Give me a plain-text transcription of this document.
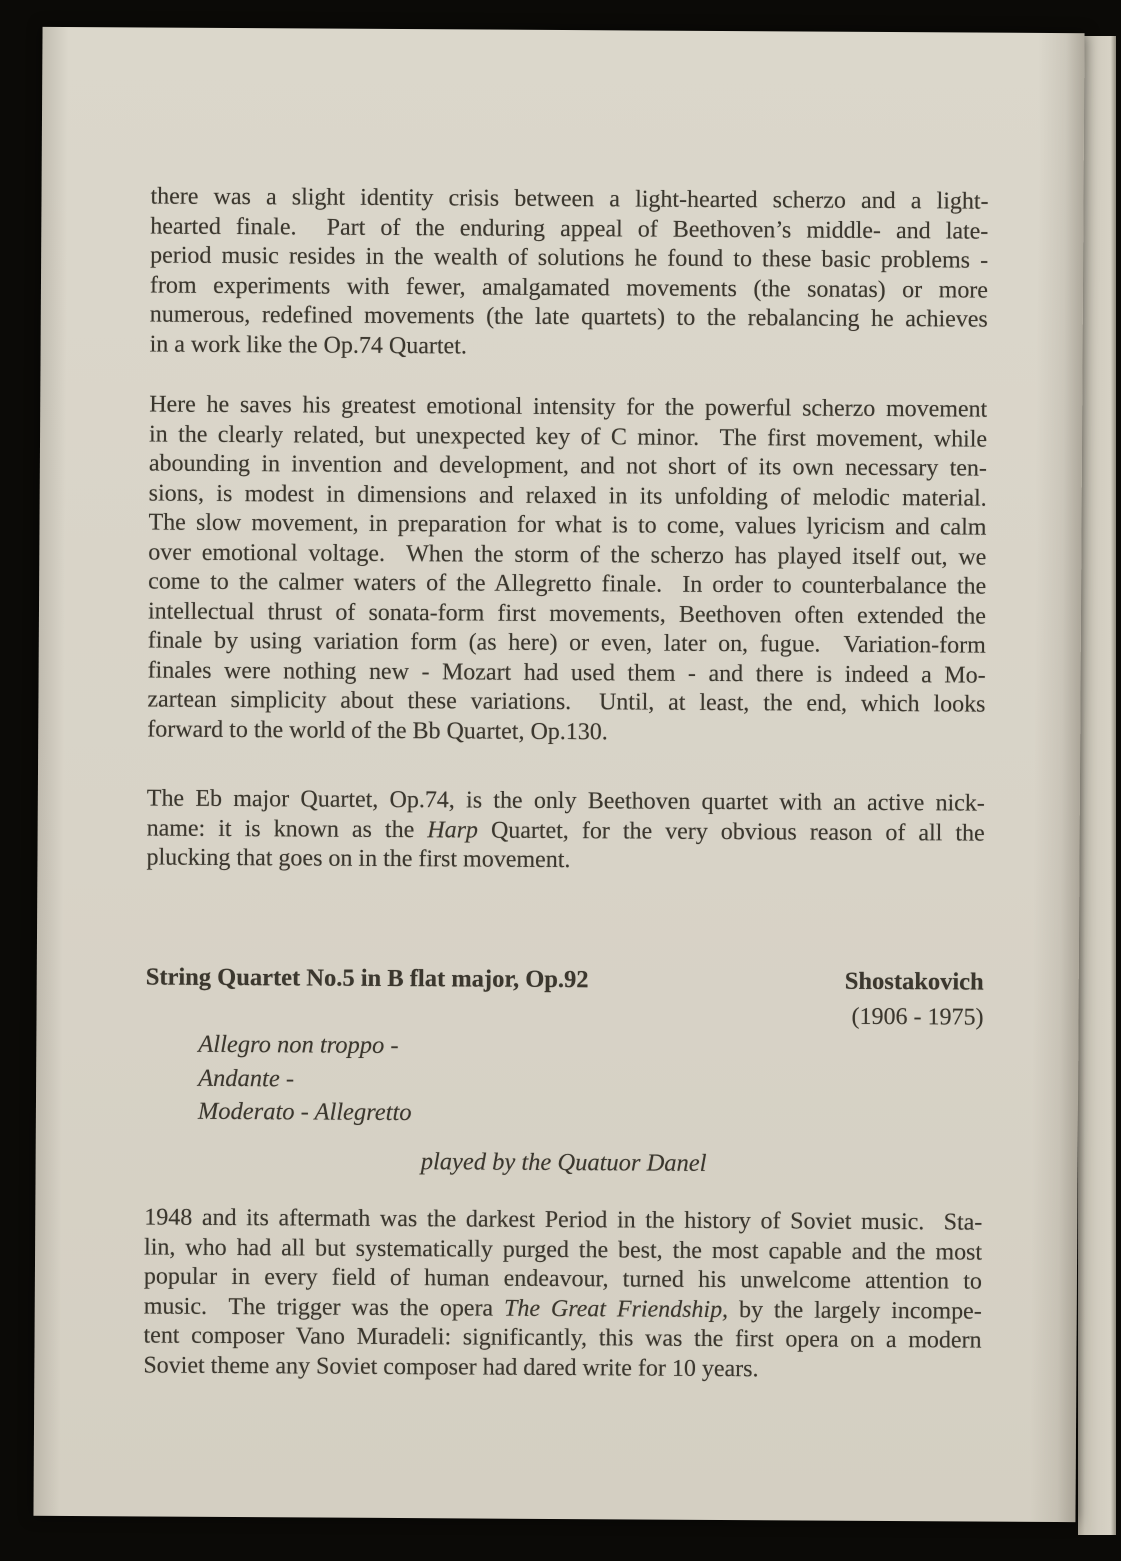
there was a slight identity crisis between a light-hearted scherzo and a light-
hearted finale.  Part of the enduring appeal of Beethoven’s middle- and late-
period music resides in the wealth of solutions he found to these basic problems -
from experiments with fewer, amalgamated movements (the sonatas) or more
numerous, redefined movements (the late quartets) to the rebalancing he achieves
in a work like the Op.74 Quartet.
Here he saves his greatest emotional intensity for the powerful scherzo movement
in the clearly related, but unexpected key of C minor.  The first movement, while
abounding in invention and development, and not short of its own necessary ten-
sions, is modest in dimensions and relaxed in its unfolding of melodic material.
The slow movement, in preparation for what is to come, values lyricism and calm
over emotional voltage.  When the storm of the scherzo has played itself out, we
come to the calmer waters of the Allegretto finale.  In order to counterbalance the
intellectual thrust of sonata-form first movements, Beethoven often extended the
finale by using variation form (as here) or even, later on, fugue.  Variation-form
finales were nothing new - Mozart had used them - and there is indeed a Mo-
zartean simplicity about these variations.  Until, at least, the end, which looks
forward to the world of the Bb Quartet, Op.130.
The Eb major Quartet, Op.74, is the only Beethoven quartet with an active nick-
name: it is known as the Harp Quartet, for the very obvious reason of all the
plucking that goes on in the first movement.
String Quartet No.5 in B flat major, Op.92	Shostakovich
(1906 - 1975)
Allegro non troppo -
Andante -
Moderato - Allegretto
played by the Quatuor Danel
1948 and its aftermath was the darkest Period in the history of Soviet music.  Sta-
lin, who had all but systematically purged the best, the most capable and the most
popular in every field of human endeavour, turned his unwelcome attention to
music.  The trigger was the opera The Great Friendship, by the largely incompe-
tent composer Vano Muradeli: significantly, this was the first opera on a modern
Soviet theme any Soviet composer had dared write for 10 years.
